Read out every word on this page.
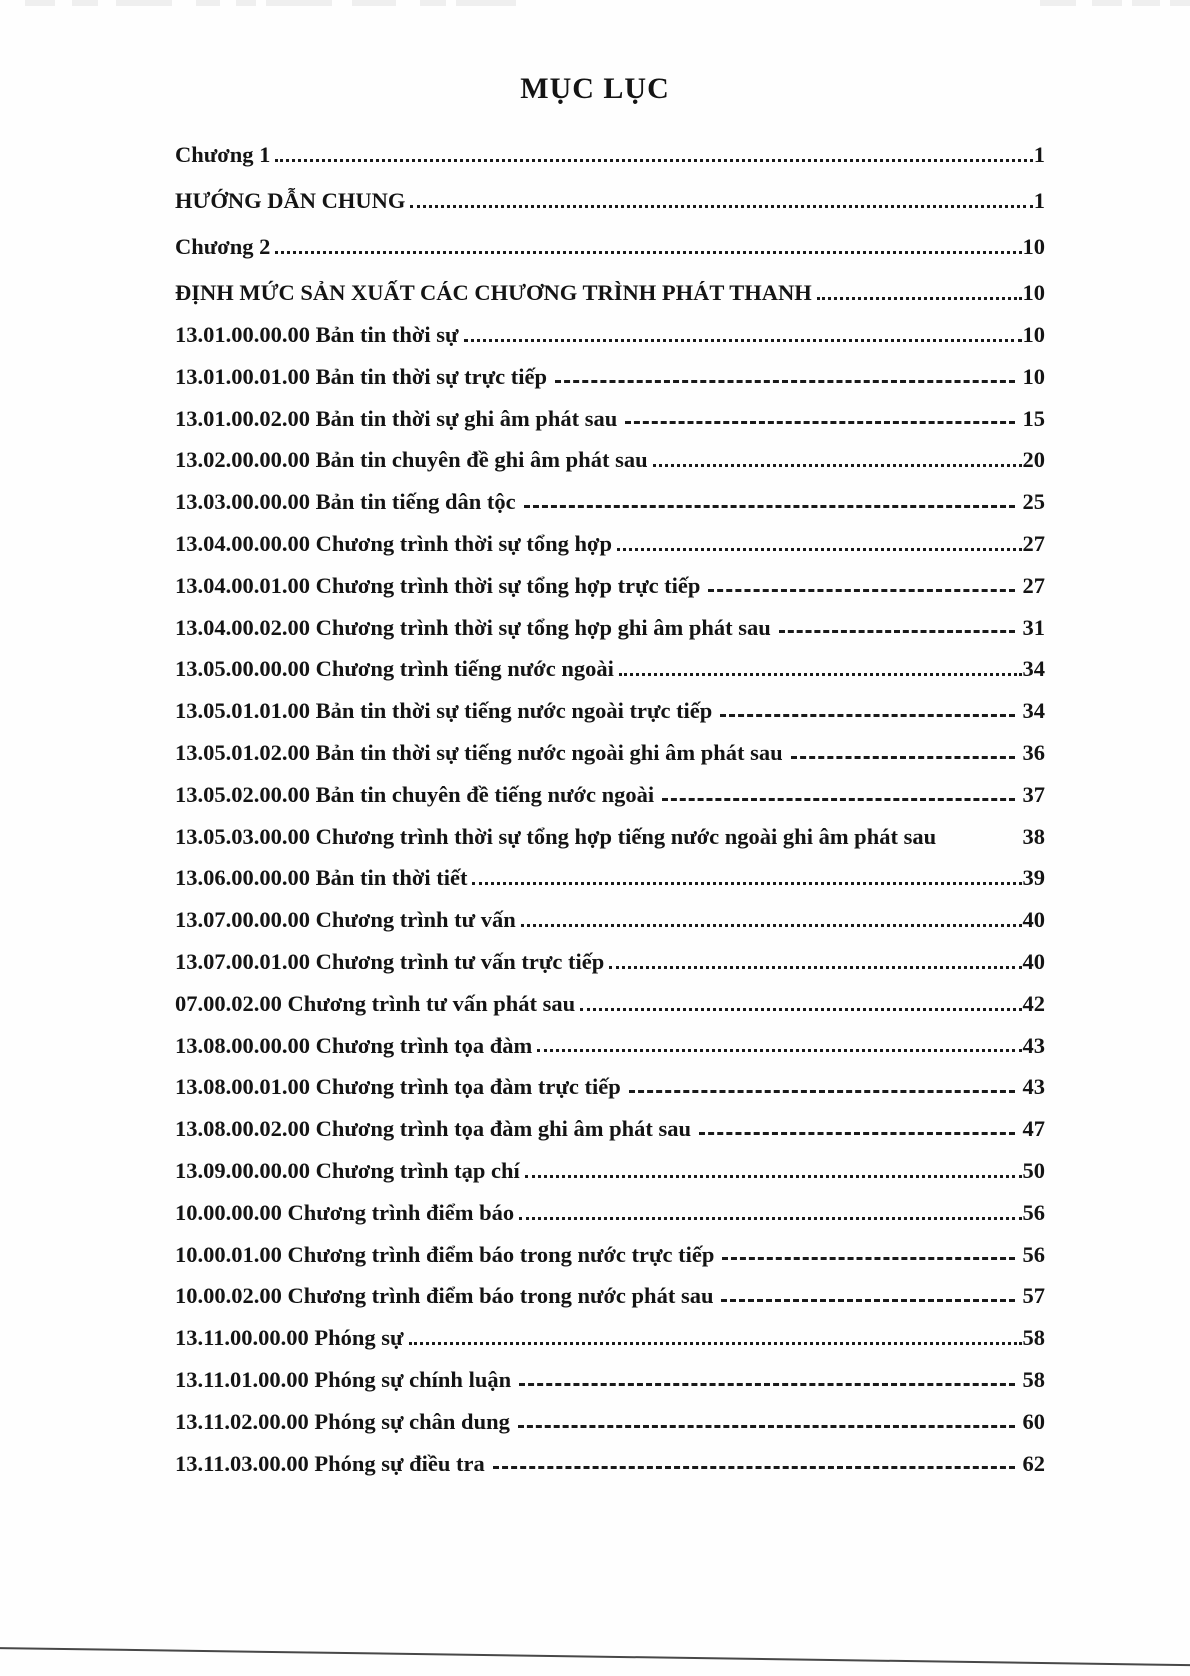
MỤC LỤC
Chương 1	1
HƯỚNG DẪN CHUNG	1
Chương 2	10
ĐỊNH MỨC SẢN XUẤT CÁC CHƯƠNG TRÌNH PHÁT THANH	10
13.01.00.00.00 Bản tin thời sự	10
13.01.00.01.00 Bản tin thời sự trực tiếp	10
13.01.00.02.00 Bản tin thời sự ghi âm phát sau	15
13.02.00.00.00 Bản tin chuyên đề ghi âm phát sau	20
13.03.00.00.00 Bản tin tiếng dân tộc	25
13.04.00.00.00 Chương trình thời sự tổng hợp	27
13.04.00.01.00 Chương trình thời sự tổng hợp trực tiếp	27
13.04.00.02.00 Chương trình thời sự tổng hợp ghi âm phát sau	31
13.05.00.00.00 Chương trình tiếng nước ngoài	34
13.05.01.01.00 Bản tin thời sự tiếng nước ngoài trực tiếp	34
13.05.01.02.00 Bản tin thời sự tiếng nước ngoài ghi âm phát sau	36
13.05.02.00.00 Bản tin chuyên đề tiếng nước ngoài	37
13.05.03.00.00 Chương trình thời sự tổng hợp tiếng nước ngoài ghi âm phát sau	38
13.06.00.00.00 Bản tin thời tiết	39
13.07.00.00.00 Chương trình tư vấn	40
13.07.00.01.00 Chương trình tư vấn trực tiếp	40
07.00.02.00 Chương trình tư vấn phát sau	42
13.08.00.00.00 Chương trình tọa đàm	43
13.08.00.01.00 Chương trình tọa đàm trực tiếp	43
13.08.00.02.00 Chương trình tọa đàm ghi âm phát sau	47
13.09.00.00.00 Chương trình tạp chí	50
10.00.00.00 Chương trình điểm báo	56
10.00.01.00 Chương trình điểm báo trong nước trực tiếp	56
10.00.02.00 Chương trình điểm báo trong nước phát sau	57
13.11.00.00.00 Phóng sự	58
13.11.01.00.00 Phóng sự chính luận	58
13.11.02.00.00 Phóng sự chân dung	60
13.11.03.00.00 Phóng sự điều tra	62
